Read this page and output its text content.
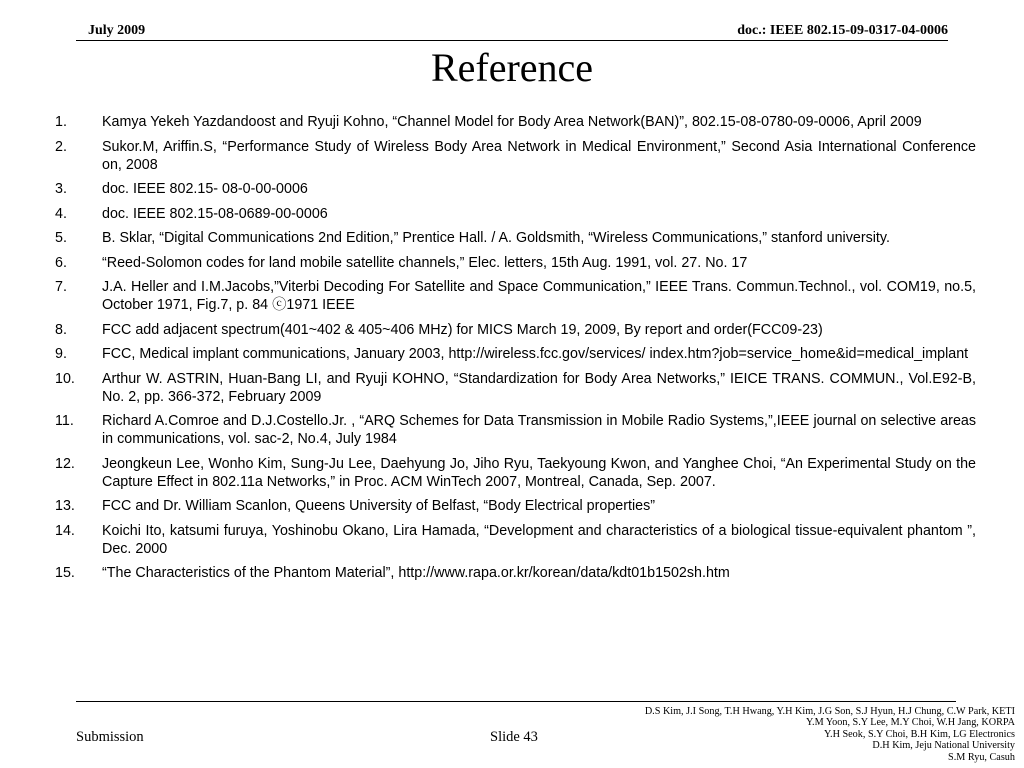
July 2009	doc.: IEEE 802.15-09-0317-04-0006
Reference
1. Kamya Yekeh Yazdandoost and Ryuji Kohno, “Channel Model for Body Area Network(BAN)”, 802.15-08-0780-09-0006, April 2009
2. Sukor.M, Ariffin.S, “Performance Study of Wireless Body Area Network in Medical Environment,” Second Asia International Conference on, 2008
3. doc. IEEE 802.15- 08-0-00-0006
4. doc. IEEE 802.15-08-0689-00-0006
5. B. Sklar, “Digital Communications 2nd Edition,” Prentice Hall. / A. Goldsmith, “Wireless Communications,” stanford university.
6. “Reed-Solomon codes for land mobile satellite channels,” Elec. letters, 15th Aug. 1991, vol. 27. No. 17
7. J.A. Heller and I.M.Jacobs,”Viterbi Decoding For Satellite and Space Communication,” IEEE Trans. Commun.Technol., vol. COM19, no.5, October 1971, Fig.7, p. 84 ⓒ1971 IEEE
8. FCC add adjacent spectrum(401~402 & 405~406 MHz) for MICS March 19, 2009, By report and order(FCC09-23)
9. FCC, Medical implant communications, January 2003, http://wireless.fcc.gov/services/ index.htm?job=service_home&id=medical_implant
10. Arthur W. ASTRIN, Huan-Bang LI, and Ryuji KOHNO, “Standardization for Body Area Networks,” IEICE TRANS. COMMUN., Vol.E92-B, No. 2, pp. 366-372, February 2009
11. Richard A.Comroe and D.J.Costello.Jr. , “ARQ Schemes for Data Transmission in Mobile Radio Systems,”,IEEE journal on selective areas in communications, vol. sac-2, No.4, July 1984
12. Jeongkeun Lee, Wonho Kim, Sung-Ju Lee, Daehyung Jo, Jiho Ryu, Taekyoung Kwon, and Yanghee Choi, “An Experimental Study on the Capture Effect in 802.11a Networks,” in Proc. ACM WinTech 2007, Montreal, Canada, Sep. 2007.
13. FCC and Dr. William Scanlon, Queens University of Belfast, “Body Electrical properties”
14. Koichi Ito, katsumi furuya, Yoshinobu Okano, Lira Hamada, “Development and characteristics of a biological tissue-equivalent phantom ”, Dec. 2000
15. “The Characteristics of the Phantom Material”, http://www.rapa.or.kr/korean/data/kdt01b1502sh.htm
Submission	Slide 43
D.S Kim, J.I Song, T.H Hwang, Y.H Kim, J.G Son, S.J Hyun, H.J Chung, C.W Park, KETI
Y.M Yoon, S.Y Lee, M.Y Choi, W.H Jang, KORPA
Y.H Seok, S.Y Choi, B.H Kim, LG Electronics
D.H Kim, Jeju National University
S.M Ryu, Casuh
